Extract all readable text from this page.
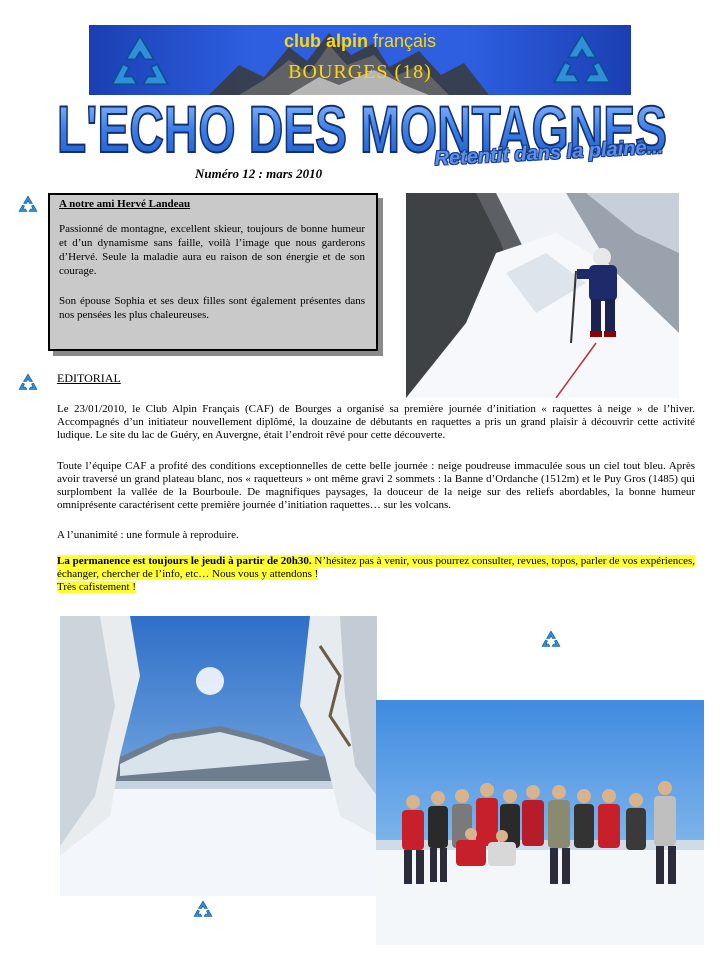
club alpin français
BOURGES (18)
L'ECHO DES MONTAGNES
Retentit dans la plaine...
Numéro 12 : mars 2010
A notre ami Hervé Landeau

Passionné de montagne, excellent skieur, toujours de bonne humeur et d’un dynamisme sans faille, voilà l’image que nous garderons d’Hervé. Seule la maladie aura eu raison de son énergie et de son courage.

Son épouse Sophia et ses deux filles sont également présentes dans nos pensées les plus chaleureuses.

EDITORIAL

Le 23/01/2010, le Club Alpin Français (CAF) de Bourges a organisé sa première journée d’initiation « raquettes à neige » de l’hiver. Accompagnés d’un initiateur nouvellement diplômé, la douzaine de débutants en raquettes a pris un grand plaisir à découvrir cette activité ludique. Le site du lac de Guéry, en Auvergne, était l’endroit rêvé pour cette découverte.

Toute l’équipe CAF a profité des conditions exceptionnelles de cette belle journée : neige poudreuse immaculée sous un ciel tout bleu. Après avoir traversé un grand plateau blanc, nos « raquetteurs » ont même gravi 2 sommets : la Banne d’Ordanche (1512m) et le Puy Gros (1485) qui surplombent la vallée de la Bourboule. De magnifiques paysages, la douceur de la neige sur des reliefs abordables, la bonne humeur omniprésente caractérisent cette première journée d’initiation raquettes… sur les volcans.

A l’unanimité : une formule à reproduire.

La permanence est toujours le jeudi à partir de 20h30. N’hésitez pas à venir, vous pourrez consulter, revues, topos, parler de vos expériences, échanger, chercher de l’info, etc… Nous vous y attendons !
Très cafistement !
